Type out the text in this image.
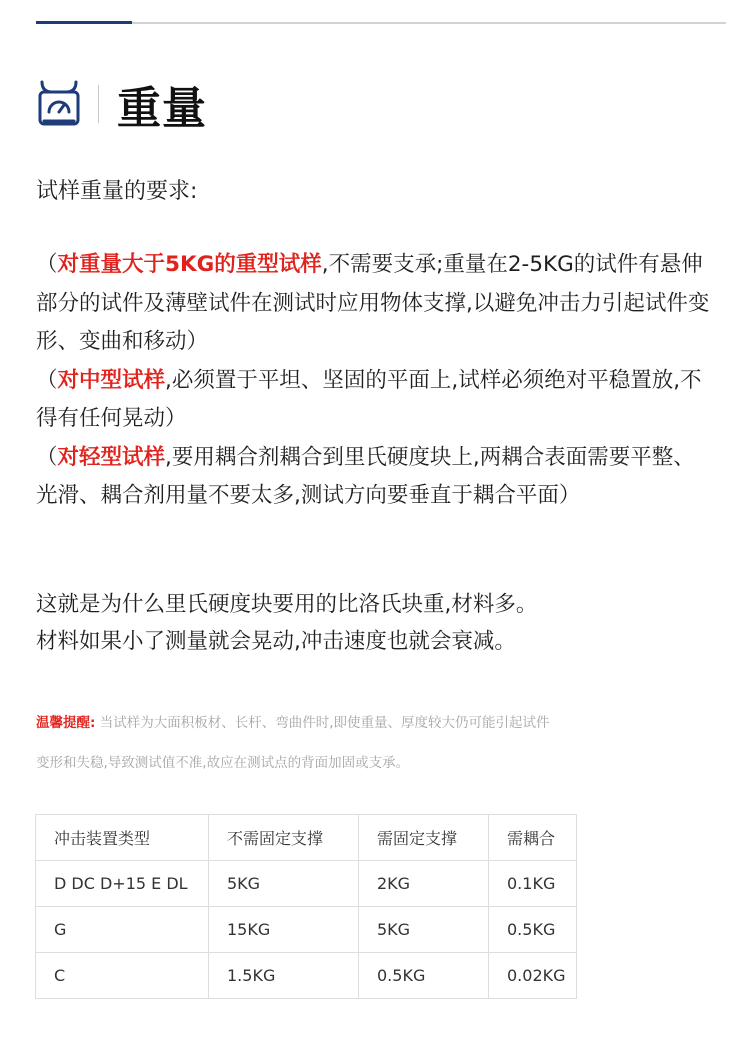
重量
试样重量的要求:

（对重量大于5KG的重型试样,不需要支承;重量在2-5KG的试件有悬伸部分的试件及薄壁试件在测试时应用物体支撑,以避免冲击力引起试件变形、变曲和移动）

（对中型试样,必须置于平坦、坚固的平面上,试样必须绝对平稳置放,不得有任何晃动）

（对轻型试样,要用耦合剂耦合到里氏硬度块上,两耦合表面需要平整、光滑、耦合剂用量不要太多,测试方向要垂直于耦合平面）

这就是为什么里氏硬度块要用的比洛氏块重,材料多。

材料如果小了测量就会晃动,冲击速度也就会衰减。

温馨提醒: 当试样为大面积板材、长杆、弯曲件时,即使重量、厚度较大仍可能引起试件

变形和失稳,导致测试值不准,故应在测试点的背面加固或支承。

冲击装置类型	不需固定支撑	需固定支撑	需耦合
D DC D+15 E DL	5KG	2KG	0.1KG
G	15KG	5KG	0.5KG
C	1.5KG	0.5KG	0.02KG
